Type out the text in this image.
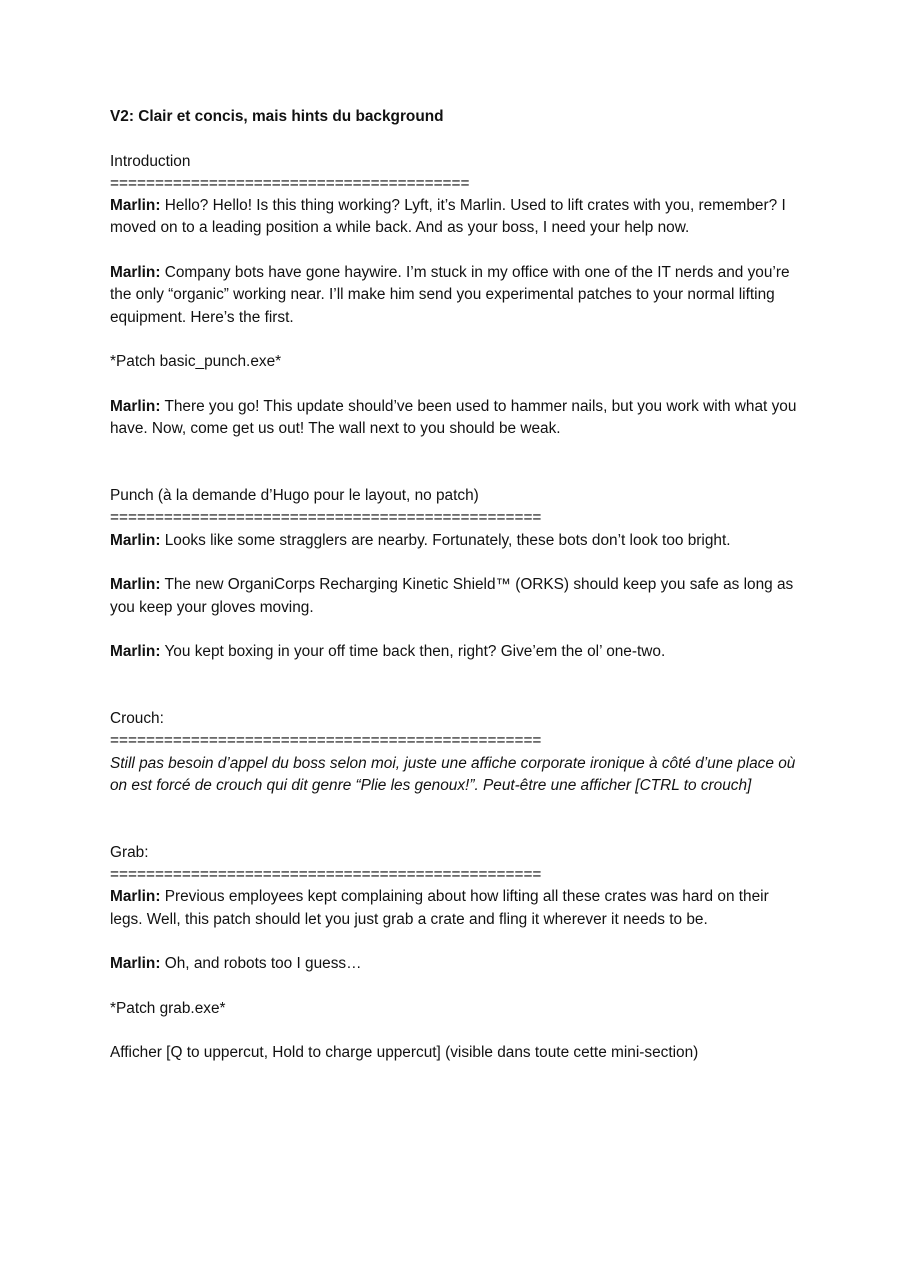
V2: Clair et concis, mais hints du background

Introduction

========================================

Marlin: Hello? Hello! Is this thing working? Lyft, it’s Marlin. Used to lift crates with you, remember? I moved on to a leading position a while back. And as your boss, I need your help now.

Marlin: Company bots have gone haywire. I’m stuck in my office with one of the IT nerds and you’re the only “organic” working near. I’ll make him send you experimental patches to your normal lifting equipment. Here’s the first.

*Patch basic_punch.exe*

Marlin: There you go! This update should’ve been used to hammer nails, but you work with what you have. Now, come get us out! The wall next to you should be weak.

Punch (à la demande d’Hugo pour le layout, no patch)

================================================

Marlin: Looks like some stragglers are nearby. Fortunately, these bots don’t look too bright.

Marlin: The new OrganiCorps Recharging Kinetic Shield™ (ORKS) should keep you safe as long as you keep your gloves moving.

Marlin: You kept boxing in your off time back then, right? Give’em the ol’ one-two.

Crouch:

================================================

Still pas besoin d’appel du boss selon moi, juste une affiche corporate ironique à côté d’une place où on est forcé de crouch qui dit genre “Plie les genoux!”. Peut-être une afficher [CTRL to crouch]

Grab:

================================================

Marlin: Previous employees kept complaining about how lifting all these crates was hard on their legs. Well, this patch should let you just grab a crate and fling it wherever it needs to be.

Marlin: Oh, and robots too I guess…

*Patch grab.exe*

Afficher [Q to uppercut, Hold to charge uppercut] (visible dans toute cette mini-section)
